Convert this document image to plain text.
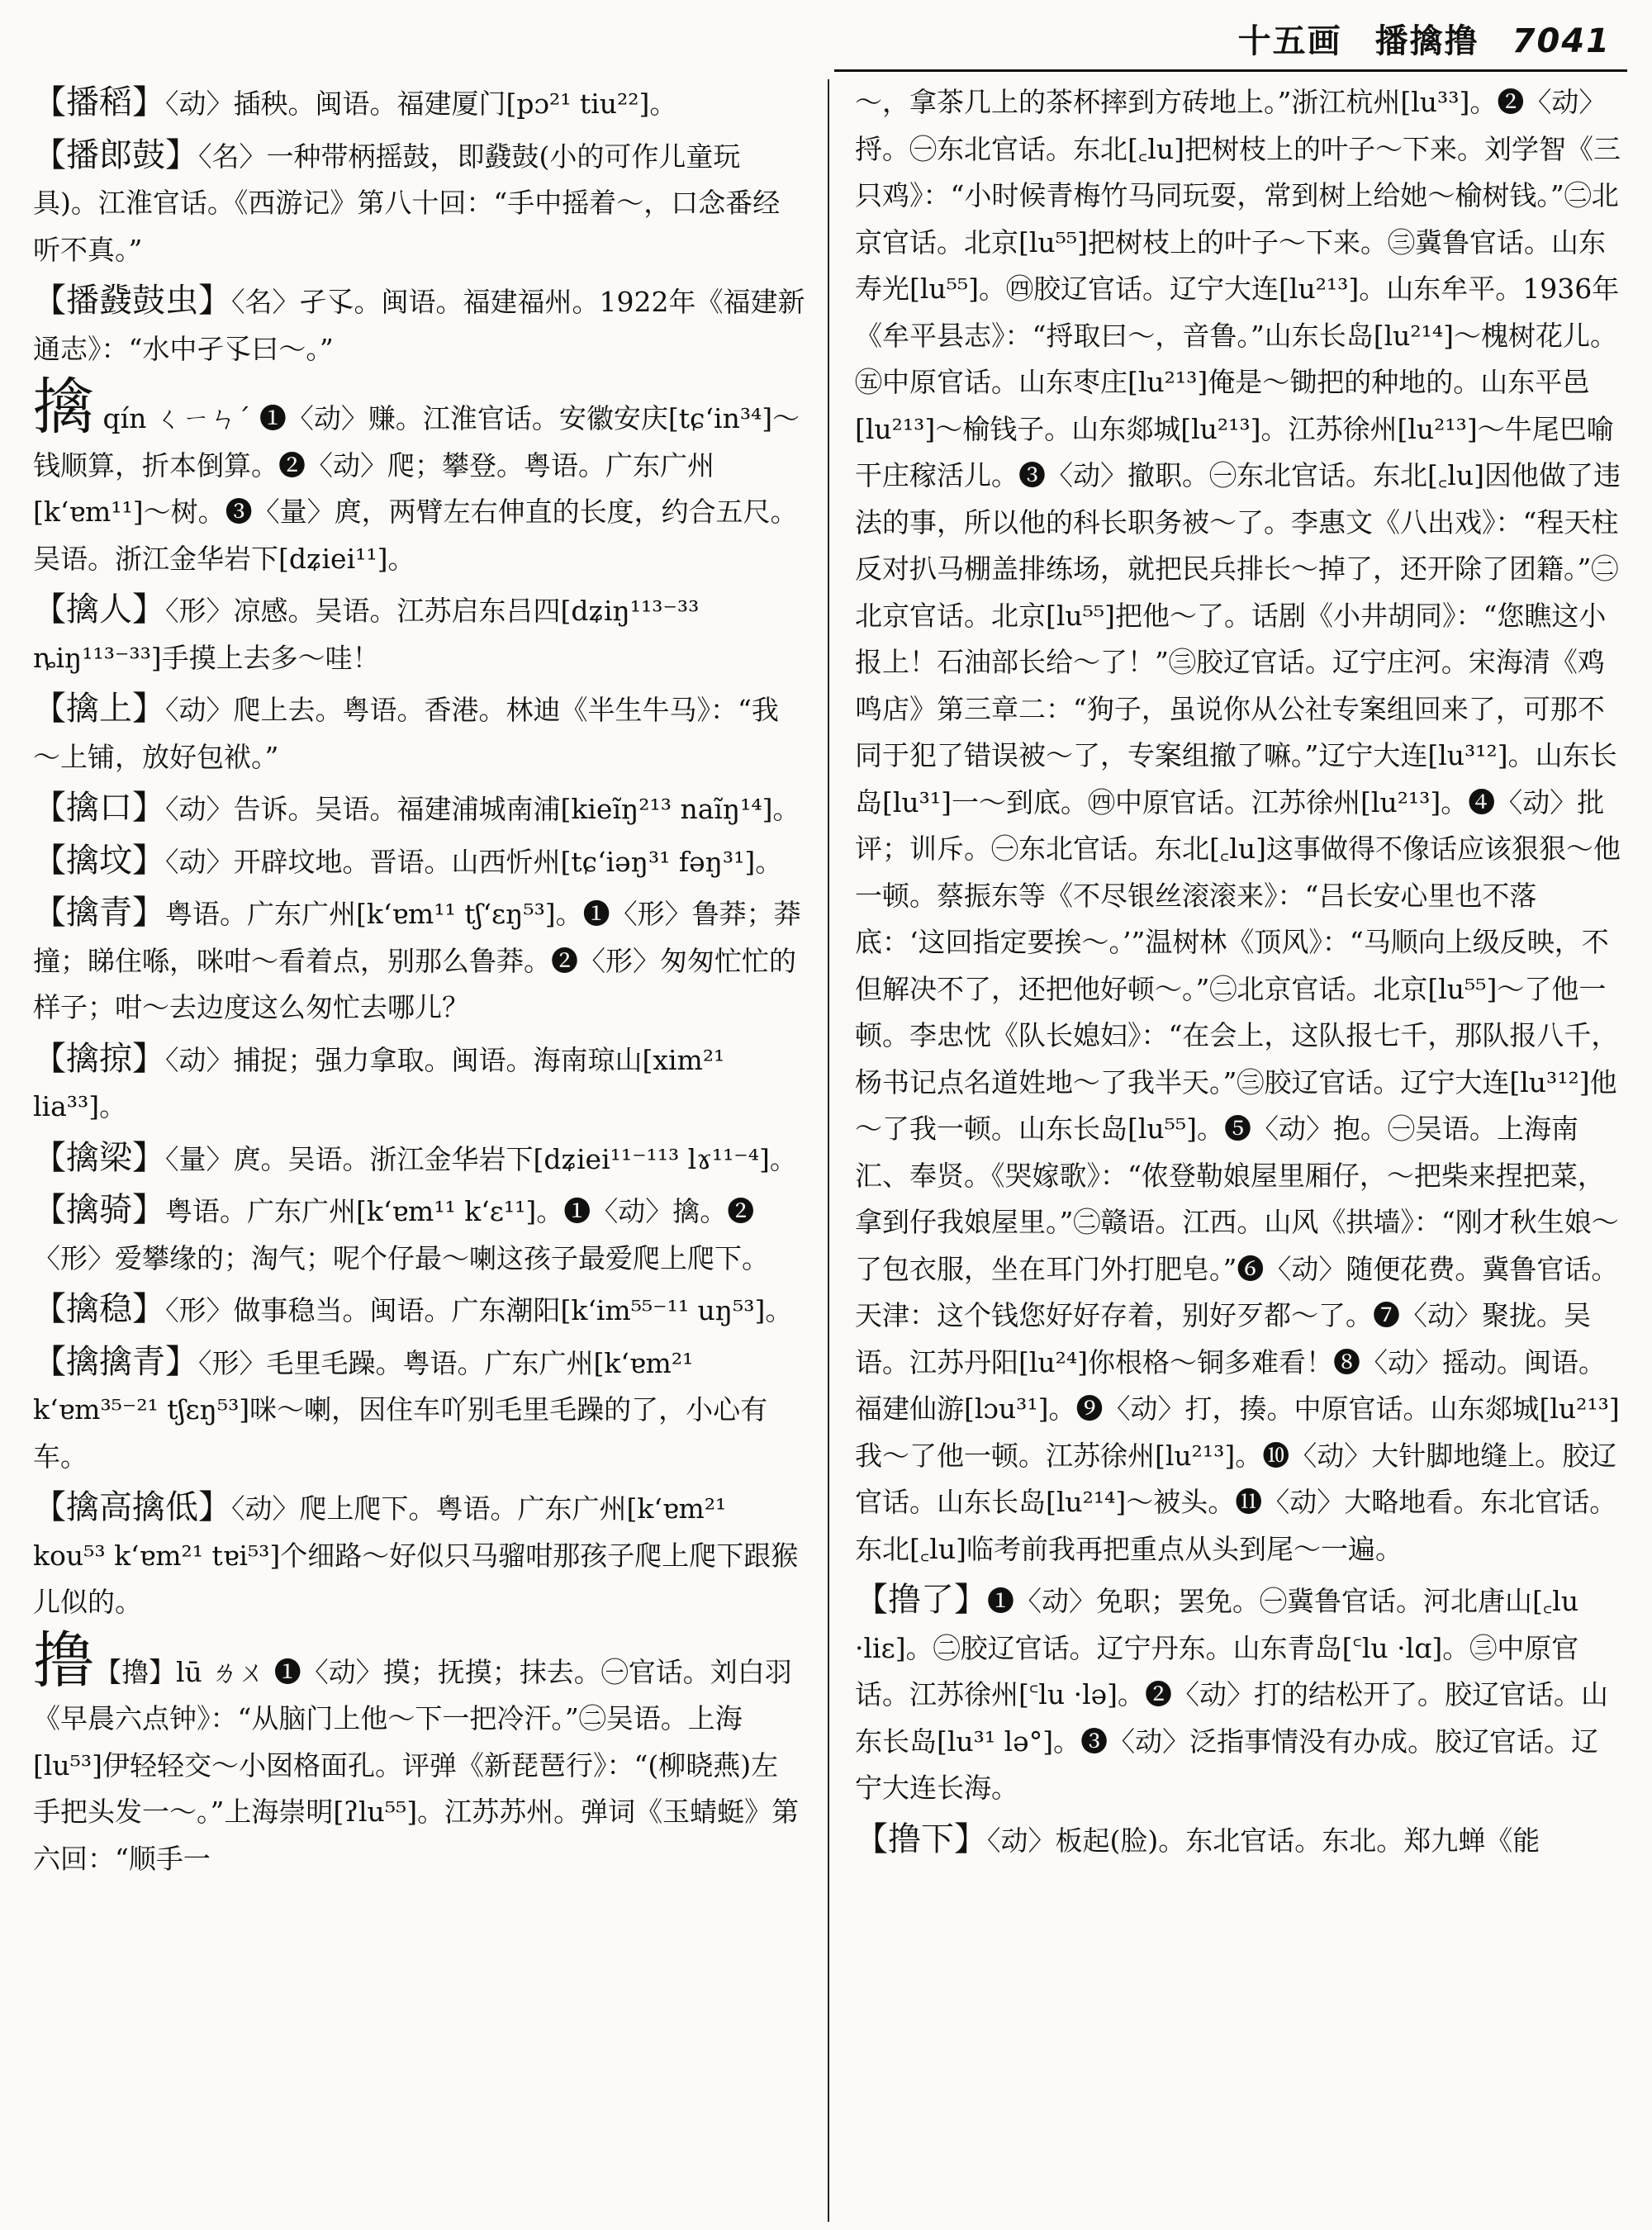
十五画 播擒撸 7041

【播稻】〈动〉插秧。闽语。福建厦门[pɔ²¹ tiu²²]。

【播郎鼓】〈名〉一种带柄摇鼓，即鼗鼓(小的可作儿童玩具)。江淮官话。《西游记》第八十回：“手中摇着～，口念番经听不真。”

【播鼗鼓虫】〈名〉孑孓。闽语。福建福州。1922年《福建新通志》：“水中孑孓曰～。”

擒 qín ㄑㄧㄣˊ ❶〈动〉赚。江淮官话。安徽安庆[tɕʻin³⁴]～钱顺算，折本倒算。❷〈动〉爬；攀登。粤语。广东广州[kʻɐm¹¹]～树。❸〈量〉庹，两臂左右伸直的长度，约合五尺。吴语。浙江金华岩下[dʑiei¹¹]。

【擒人】〈形〉凉感。吴语。江苏启东吕四[dʑiŋ¹¹³⁻³³ ȵiŋ¹¹³⁻³³]手摸上去多～哇！

【擒上】〈动〉爬上去。粤语。香港。林迪《半生牛马》：“我～上铺，放好包袱。”

【擒口】〈动〉告诉。吴语。福建浦城南浦[kieĩŋ²¹³ naĩŋ¹⁴]。

【擒坟】〈动〉开辟坟地。晋语。山西忻州[tɕʻiəŋ³¹ fəŋ³¹]。

【擒青】粤语。广东广州[kʻɐm¹¹ tʃʻɛŋ⁵³]。❶〈形〉鲁莽；莽撞；睇住喺，咪咁～看着点，别那么鲁莽。❷〈形〉匆匆忙忙的样子；咁～去边度这么匆忙去哪儿？

【擒掠】〈动〉捕捉；强力拿取。闽语。海南琼山[xim²¹ lia³³]。

【擒梁】〈量〉庹。吴语。浙江金华岩下[dʑiei¹¹⁻¹¹³ lɤ¹¹⁻⁴]。

【擒骑】粤语。广东广州[kʻɐm¹¹ kʻɛ¹¹]。❶〈动〉擒。❷〈形〉爱攀缘的；淘气；呢个仔最～喇这孩子最爱爬上爬下。

【擒稳】〈形〉做事稳当。闽语。广东潮阳[kʻim⁵⁵⁻¹¹ uŋ⁵³]。

【擒擒青】〈形〉毛里毛躁。粤语。广东广州[kʻɐm²¹ kʻɐm³⁵⁻²¹ tʃɛŋ⁵³]咪～喇，因住车吖别毛里毛躁的了，小心有车。

【擒高擒低】〈动〉爬上爬下。粤语。广东广州[kʻɐm²¹ kou⁵³ kʻɐm²¹ tɐi⁵³]个细路～好似只马骝咁那孩子爬上爬下跟猴儿似的。

撸【擼】lū ㄌㄨ ❶〈动〉摸；抚摸；抹去。㊀官话。刘白羽《早晨六点钟》：“从脑门上他～下一把冷汗。”㊁吴语。上海[lu⁵³]伊轻轻交～小囡格面孔。评弹《新琵琶行》：“(柳晓燕)左手把头发一～。”上海崇明[ʔlu⁵⁵]。江苏苏州。弹词《玉蜻蜓》第六回：“顺手一

～，拿茶几上的茶杯摔到方砖地上。”浙江杭州[lu³³]。❷〈动〉捋。㊀东北官话。东北[꜀lu]把树枝上的叶子～下来。刘学智《三只鸡》：“小时候青梅竹马同玩耍，常到树上给她～榆树钱。”㊁北京官话。北京[lu⁵⁵]把树枝上的叶子～下来。㊂冀鲁官话。山东寿光[lu⁵⁵]。㊃胶辽官话。辽宁大连[lu²¹³]。山东牟平。1936年《牟平县志》：“捋取曰～，音鲁。”山东长岛[lu²¹⁴]～槐树花儿。㊄中原官话。山东枣庄[lu²¹³]俺是～锄把的种地的。山东平邑[lu²¹³]～榆钱子。山东郯城[lu²¹³]。江苏徐州[lu²¹³]～牛尾巴喻干庄稼活儿。❸〈动〉撤职。㊀东北官话。东北[꜀lu]因他做了违法的事，所以他的科长职务被～了。李惠文《八出戏》：“程天柱反对扒马棚盖排练场，就把民兵排长～掉了，还开除了团籍。”㊁北京官话。北京[lu⁵⁵]把他～了。话剧《小井胡同》：“您瞧这小报上！石油部长给～了！”㊂胶辽官话。辽宁庄河。宋海清《鸡鸣店》第三章二：“狗子，虽说你从公社专案组回来了，可那不同于犯了错误被～了，专案组撤了嘛。”辽宁大连[lu³¹²]。山东长岛[lu³¹]一～到底。㊃中原官话。江苏徐州[lu²¹³]。❹〈动〉批评；训斥。㊀东北官话。东北[꜀lu]这事做得不像话应该狠狠～他一顿。蔡振东等《不尽银丝滚滚来》：“吕长安心里也不落底：‘这回指定要挨～。’”温树林《顶风》：“马顺向上级反映，不但解决不了，还把他好顿～。”㊁北京官话。北京[lu⁵⁵]～了他一顿。李忠忱《队长媳妇》：“在会上，这队报七千，那队报八千，杨书记点名道姓地～了我半天。”㊂胶辽官话。辽宁大连[lu³¹²]他～了我一顿。山东长岛[lu⁵⁵]。❺〈动〉抱。㊀吴语。上海南汇、奉贤。《哭嫁歌》：“侬登勒娘屋里厢仔，～把柴来捏把菜，拿到仔我娘屋里。”㊁赣语。江西。山风《拱墙》：“刚才秋生娘～了包衣服，坐在耳门外打肥皂。”❻〈动〉随便花费。冀鲁官话。天津：这个钱您好好存着，别好歹都～了。❼〈动〉聚拢。吴语。江苏丹阳[lu²⁴]你根格～铜多难看！❽〈动〉摇动。闽语。福建仙游[lɔu³¹]。❾〈动〉打，揍。中原官话。山东郯城[lu²¹³]我～了他一顿。江苏徐州[lu²¹³]。❿〈动〉大针脚地缝上。胶辽官话。山东长岛[lu²¹⁴]～被头。⓫〈动〉大略地看。东北官话。东北[꜀lu]临考前我再把重点从头到尾～一遍。

【撸了】❶〈动〉免职；罢免。㊀冀鲁官话。河北唐山[꜀lu ·liɛ]。㊁胶辽官话。辽宁丹东。山东青岛[꜂lu ·lɑ]。㊂中原官话。江苏徐州[꜂lu ·lə]。❷〈动〉打的结松开了。胶辽官话。山东长岛[lu³¹ lə°]。❸〈动〉泛指事情没有办成。胶辽官话。辽宁大连长海。

【撸下】〈动〉板起(脸)。东北官话。东北。郑九蝉《能
